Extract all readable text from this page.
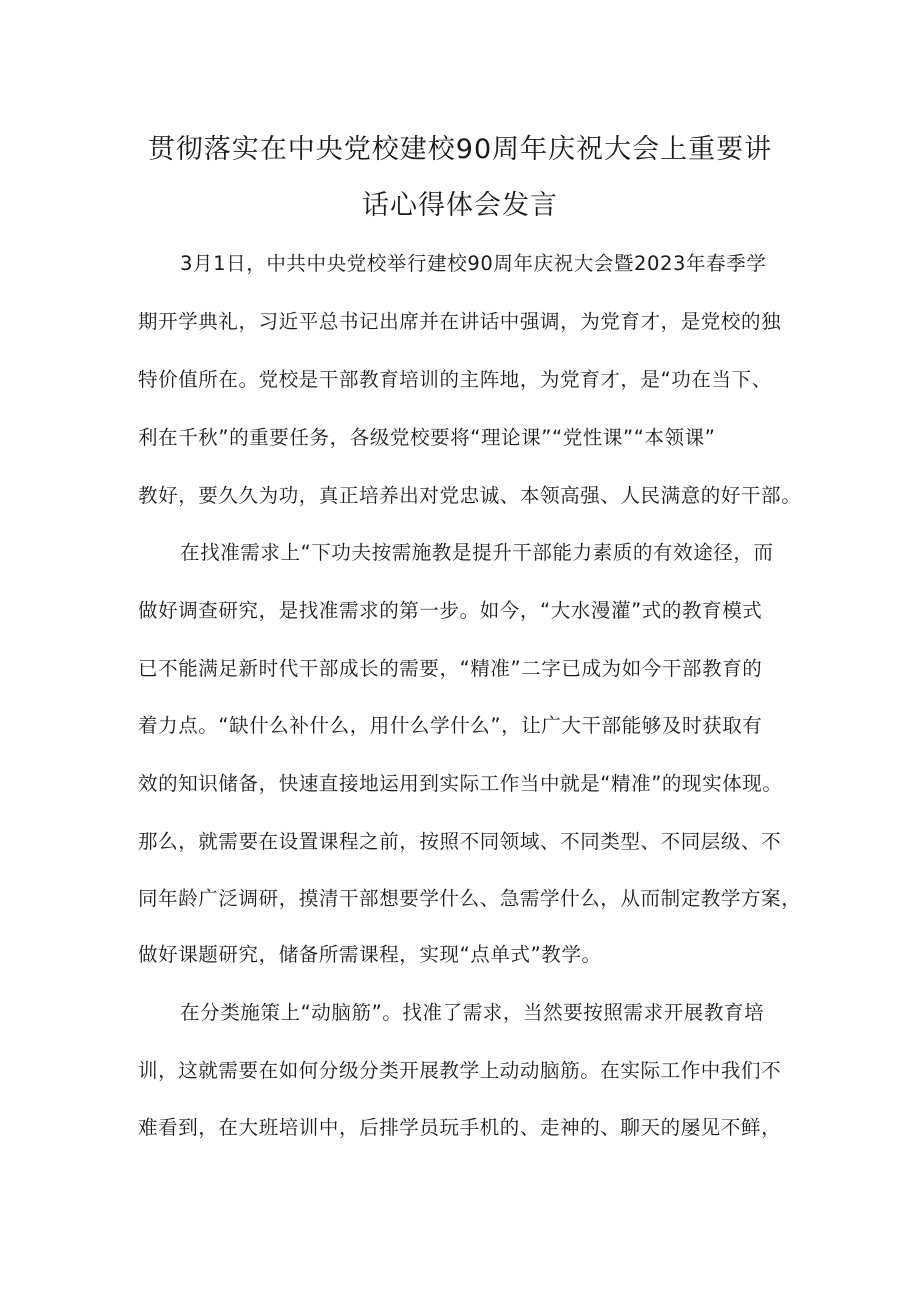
贯彻落实在中央党校建校90周年庆祝大会上重要讲
话心得体会发言
3月1日，中共中央党校举行建校90周年庆祝大会暨2023年春季学
期开学典礼，习近平总书记出席并在讲话中强调，为党育才，是党校的独
特价值所在。党校是干部教育培训的主阵地，为党育才，是“功在当下、
利在千秋”的重要任务，各级党校要将“理论课”“党性课”“本领课”
教好，要久久为功，真正培养出对党忠诚、本领高强、人民满意的好干部。
在找准需求上“下功夫按需施教是提升干部能力素质的有效途径，而
做好调查研究，是找准需求的第一步。如今，“大水漫灌”式的教育模式
已不能满足新时代干部成长的需要，“精准”二字已成为如今干部教育的
着力点。“缺什么补什么，用什么学什么”，让广大干部能够及时获取有
效的知识储备，快速直接地运用到实际工作当中就是“精准”的现实体现。
那么，就需要在设置课程之前，按照不同领域、不同类型、不同层级、不
同年龄广泛调研，摸清干部想要学什么、急需学什么，从而制定教学方案，
做好课题研究，储备所需课程，实现“点单式”教学。
在分类施策上“动脑筋”。找准了需求，当然要按照需求开展教育培
训，这就需要在如何分级分类开展教学上动动脑筋。在实际工作中我们不
难看到，在大班培训中，后排学员玩手机的、走神的、聊天的屡见不鲜，
